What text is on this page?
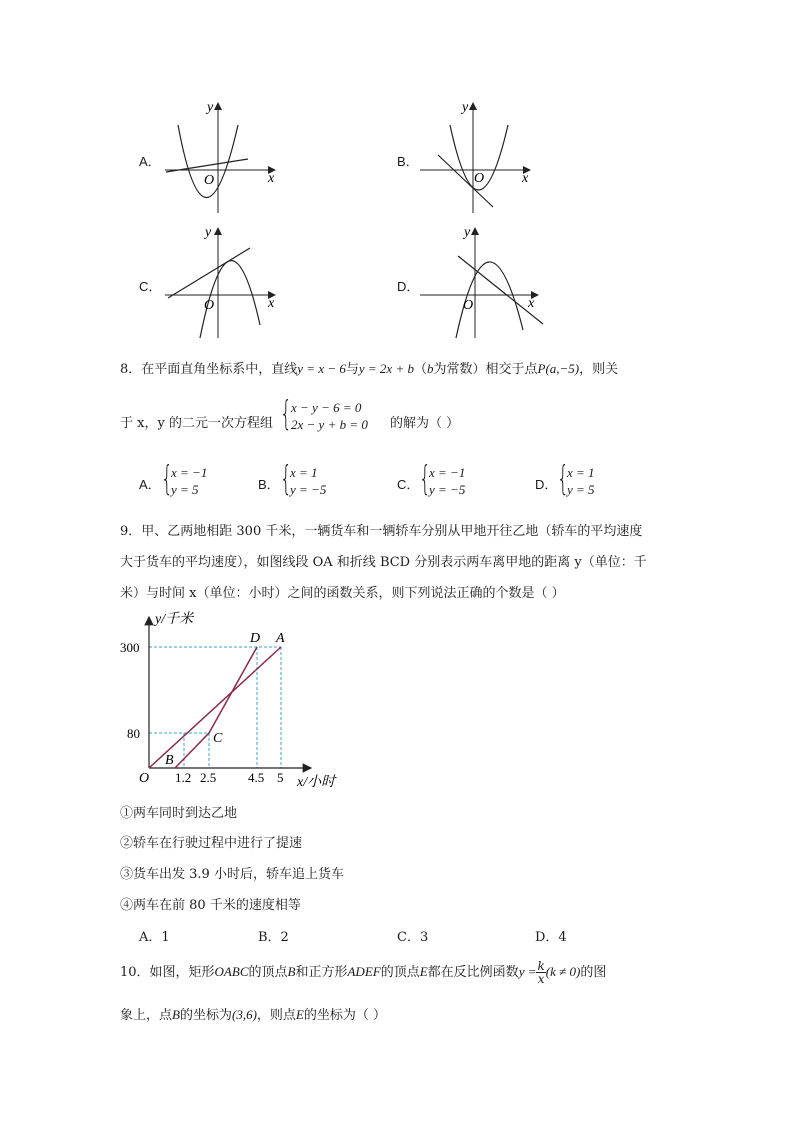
A．	B．
C．	D．
x
y
O	x
y
O
x
y
O	x
y
O
8．在平面直角坐标系中，直线y = x − 6与y = 2x + b（b为常数）相交于点P(a,−5)，则关
于 x，y 的二元一次方程组 { x − y − 6 = 0
2x − y + b = 0 的解为（ ）
A． {
x = −1
y = 5	B． {
x = 1
y = −5	C． {
x = −1
y = −5	D． {
x = 1
y = 5
9．甲、乙两地相距 300 千米，一辆货车和一辆轿车分别从甲地开往乙地（轿车的平均速度
大于货车的平均速度），如图线段 OA 和折线 BCD 分别表示两车离甲地的距离 y（单位：千
米）与时间 x（单位：小时）之间的函数关系，则下列说法正确的个数是（ ）
y/千米
x/小时
O
300
80
1.2 2.5 4.5 5
D A
C
B
①两车同时到达乙地
②轿车在行驶过程中进行了提速
③货车出发 3.9 小时后，轿车追上货车
④两车在前 80 千米的速度相等
A．1	B．2	C．3	D．4
10．如图，矩形OABC的顶点B和正方形ADEF的顶点E都在反比例函数$y = \frac{k}{x} (k \ne 0)$的图
象上，点B的坐标为(3,6)，则点E的坐标为（ ）
